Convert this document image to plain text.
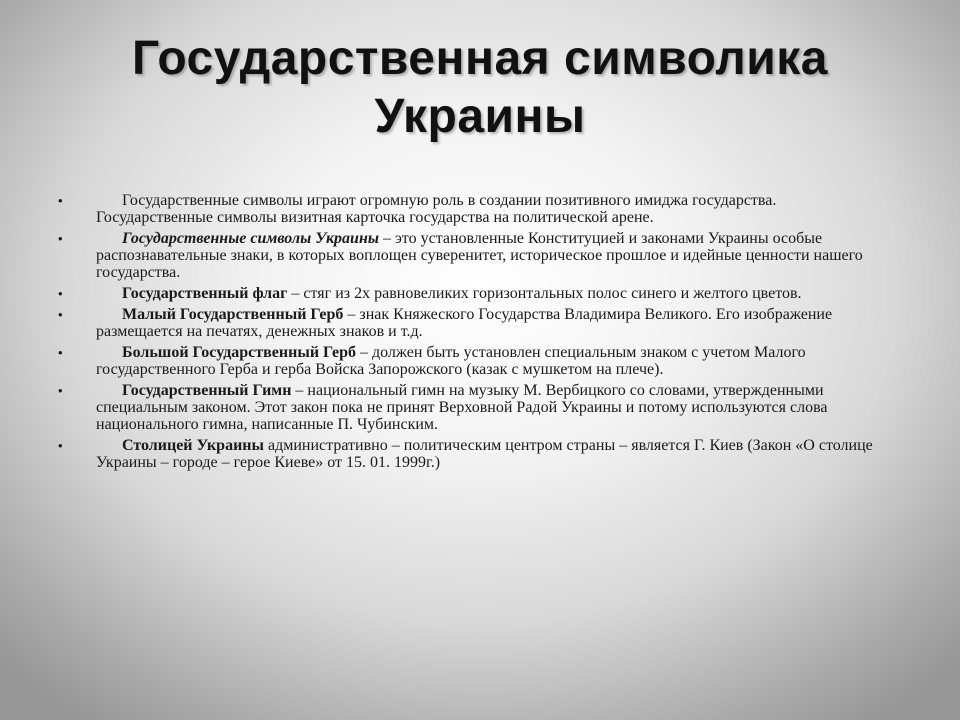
Государственная символика Украины
•	Государственные символы играют огромную роль в создании позитивного имиджа государства. Государственные символы визитная карточка государства на политической арене.
•	Государственные символы Украины – это установленные Конституцией и законами Украины особые распознавательные знаки, в которых воплощен суверенитет, историческое прошлое и идейные ценности нашего государства.
•	Государственный флаг – стяг из 2х равновеликих горизонтальных полос синего и желтого цветов.
•	Малый Государственный Герб – знак Княжеского Государства Владимира Великого. Его изображение размещается на печатях, денежных знаков и т.д.
•	Большой Государственный Герб – должен быть установлен специальным знаком с учетом Малого государственного Герба и герба Войска Запорожского (казак с мушкетом на плече).
•	Государственный Гимн – национальный гимн на музыку М. Вербицкого со словами, утвержденными специальным законом. Этот закон пока не принят Верховной Радой Украины и потому используются слова национального гимна, написанные П. Чубинским.
•	Столицей Украины административно – политическим центром страны – является Г. Киев (Закон «О столице Украины – городе – герое Киеве» от 15. 01. 1999г.)
